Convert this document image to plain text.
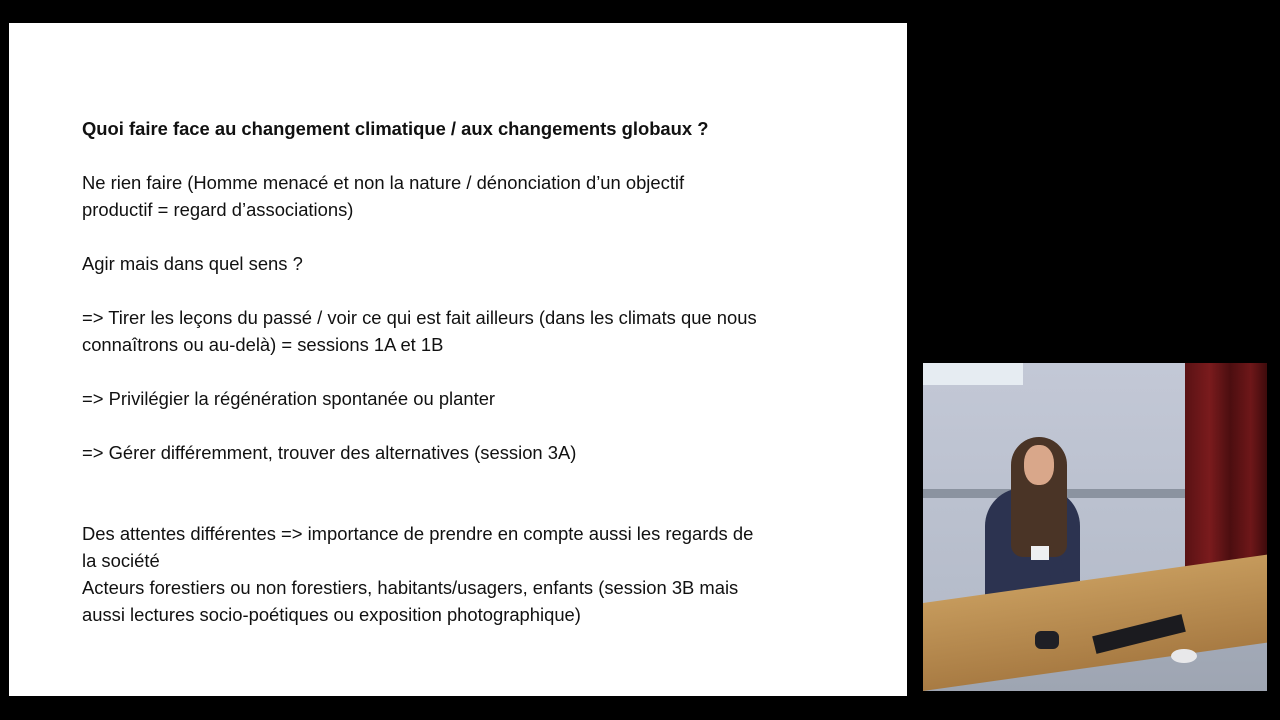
Quoi faire face au changement climatique / aux changements globaux ?

Ne rien faire (Homme menacé et non la nature / dénonciation d’un objectif

productif = regard d’associations)

Agir mais dans quel sens ?

=> Tirer les leçons du passé / voir ce qui est fait ailleurs (dans les climats que nous

connaîtrons ou au-delà) = sessions 1A et 1B

=> Privilégier la régénération spontanée ou planter

=> Gérer différemment, trouver des alternatives (session 3A)

Des attentes différentes => importance de prendre en compte aussi les regards de

la société

Acteurs forestiers ou non forestiers, habitants/usagers, enfants (session 3B mais

aussi lectures socio-poétiques ou exposition photographique)
